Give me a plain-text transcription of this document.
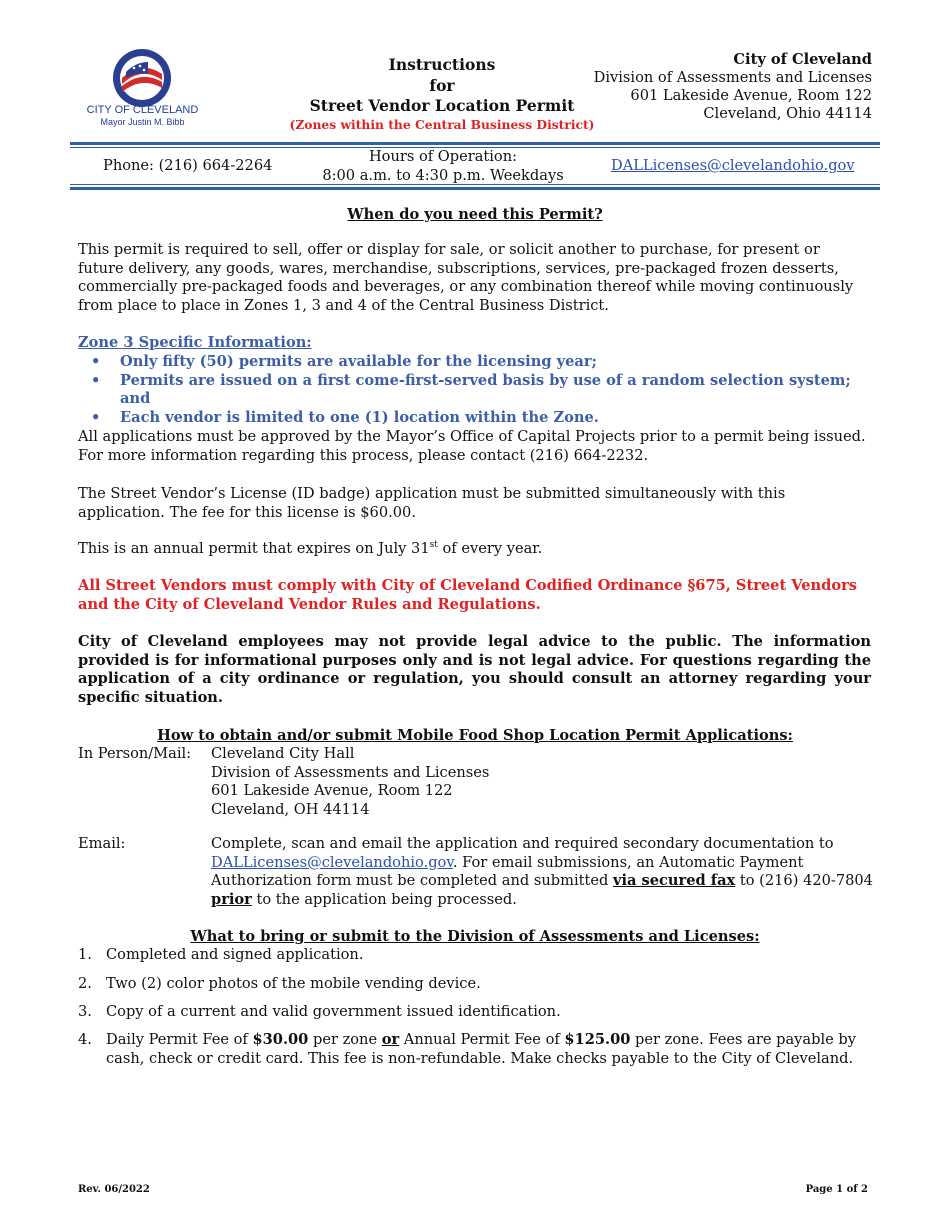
CITY OF CLEVELAND
Mayor Justin M. Bibb
Instructions
for
Street Vendor Location Permit
(Zones within the Central Business District)
City of Cleveland
Division of Assessments and Licenses
601 Lakeside Avenue, Room 122
Cleveland, Ohio 44114
Phone: (216) 664-2264
Hours of Operation:
8:00 a.m. to 4:30 p.m. Weekdays
DALLicenses@clevelandohio.gov
When do you need this Permit?
This permit is required to sell, offer or display for sale, or solicit another to purchase, for present or future delivery, any goods, wares, merchandise, subscriptions, services, pre-packaged frozen desserts, commercially pre-packaged foods and beverages, or any combination thereof while moving continuously from place to place in Zones 1, 3 and 4 of the Central Business District.
Zone 3 Specific Information:
• Only fifty (50) permits are available for the licensing year;
• Permits are issued on a first come-first-served basis by use of a random selection system; and
• Each vendor is limited to one (1) location within the Zone.
All applications must be approved by the Mayor’s Office of Capital Projects prior to a permit being issued. For more information regarding this process, please contact (216) 664-2232.
The Street Vendor’s License (ID badge) application must be submitted simultaneously with this application. The fee for this license is $60.00.
This is an annual permit that expires on July 31st of every year.
All Street Vendors must comply with City of Cleveland Codified Ordinance §675, Street Vendors and the City of Cleveland Vendor Rules and Regulations.
City of Cleveland employees may not provide legal advice to the public. The information provided is for informational purposes only and is not legal advice. For questions regarding the application of a city ordinance or regulation, you should consult an attorney regarding your specific situation.
How to obtain and/or submit Mobile Food Shop Location Permit Applications:
In Person/Mail: Cleveland City Hall
Division of Assessments and Licenses
601 Lakeside Avenue, Room 122
Cleveland, OH 44114
Email:	Complete, scan and email the application and required secondary documentation to
DALLicenses@clevelandohio.gov. For email submissions, an Automatic Payment
Authorization form must be completed and submitted via secured fax to (216) 420-7804
prior to the application being processed.
What to bring or submit to the Division of Assessments and Licenses:
1. Completed and signed application.
2. Two (2) color photos of the mobile vending device.
3. Copy of a current and valid government issued identification.
4. Daily Permit Fee of $30.00 per zone or Annual Permit Fee of $125.00 per zone. Fees are payable by cash, check or credit card. This fee is non-refundable. Make checks payable to the City of Cleveland.
Rev. 06/2022	Page 1 of 2
